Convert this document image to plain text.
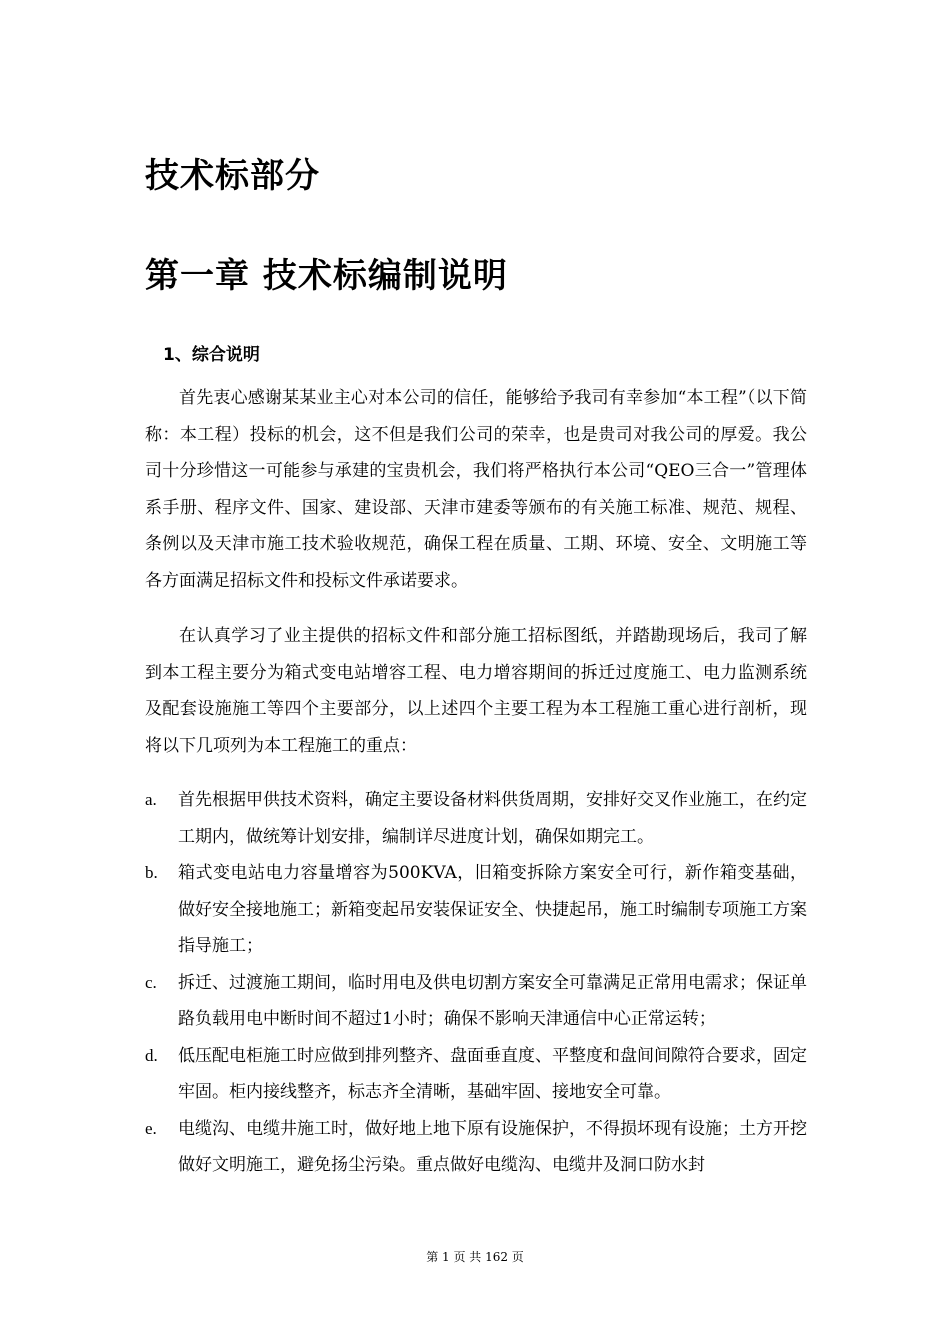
技术标部分
第一章 技术标编制说明
1、综合说明

首先衷心感谢某某业主心对本公司的信任，能够给予我司有幸参加“本工程”（以下简称：本工程）投标的机会，这不但是我们公司的荣幸，也是贵司对我公司的厚爱。我公司十分珍惜这一可能参与承建的宝贵机会，我们将严格执行本公司“QEO三合一”管理体系手册、程序文件、国家、建设部、天津市建委等颁布的有关施工标准、规范、规程、条例以及天津市施工技术验收规范，确保工程在质量、工期、环境、安全、文明施工等各方面满足招标文件和投标文件承诺要求。

在认真学习了业主提供的招标文件和部分施工招标图纸，并踏勘现场后，我司了解到本工程主要分为箱式变电站增容工程、电力增容期间的拆迁过度施工、电力监测系统及配套设施施工等四个主要部分，以上述四个主要工程为本工程施工重心进行剖析，现将以下几项列为本工程施工的重点：

a. 首先根据甲供技术资料，确定主要设备材料供货周期，安排好交叉作业施工，在约定工期内，做统筹计划安排，编制详尽进度计划，确保如期完工。
b. 箱式变电站电力容量增容为500KVA，旧箱变拆除方案安全可行，新作箱变基础，做好安全接地施工；新箱变起吊安装保证安全、快捷起吊，施工时编制专项施工方案指导施工；
c. 拆迁、过渡施工期间，临时用电及供电切割方案安全可靠满足正常用电需求；保证单路负载用电中断时间不超过1小时；确保不影响天津通信中心正常运转；
d. 低压配电柜施工时应做到排列整齐、盘面垂直度、平整度和盘间间隙符合要求，固定牢固。柜内接线整齐，标志齐全清晰，基础牢固、接地安全可靠。
e. 电缆沟、电缆井施工时，做好地上地下原有设施保护，不得损坏现有设施；土方开挖做好文明施工，避免扬尘污染。重点做好电缆沟、电缆井及洞口防水封
第 1 页 共 162 页
